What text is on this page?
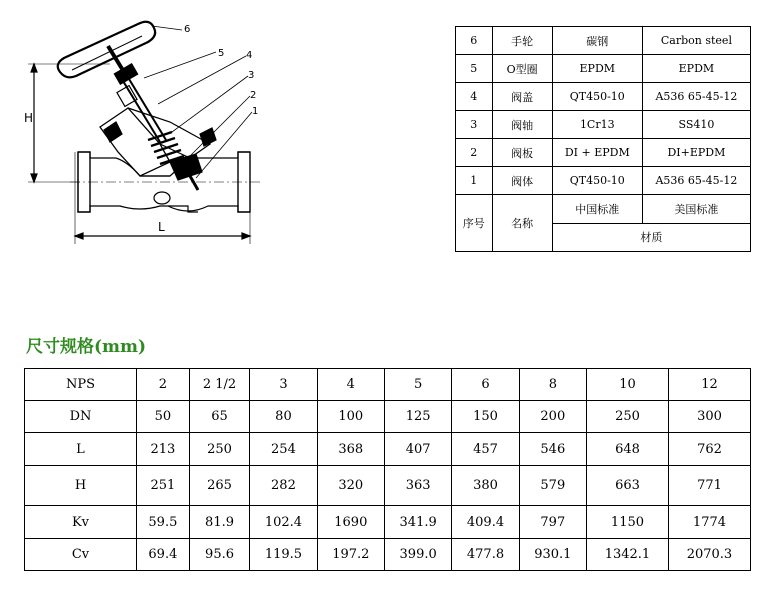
H
L
6
5 4
3
2
1
6	手轮	碳钢	Carbon steel
5	O型圈	EPDM	EPDM
4	阀盖	QT450-10	A536 65-45-12
3	阀轴	1Cr13	SS410
2	阀板	DI + EPDM	DI+EPDM
1	阀体	QT450-10	A536 65-45-12
序号	名称	中国标准	美国标准
		材质	
尺寸规格(mm)
NPS	2	2 1/2	3	4	5	6	8	10	12
DN	50	65	80	100	125	150	200	250	300
L	213	250	254	368	407	457	546	648	762
H	251	265	282	320	363	380	579	663	771
Kv	59.5	81.9	102.4	1690	341.9	409.4	797	1150	1774
Cv	69.4	95.6	119.5	197.2	399.0	477.8	930.1	1342.1	2070.3
